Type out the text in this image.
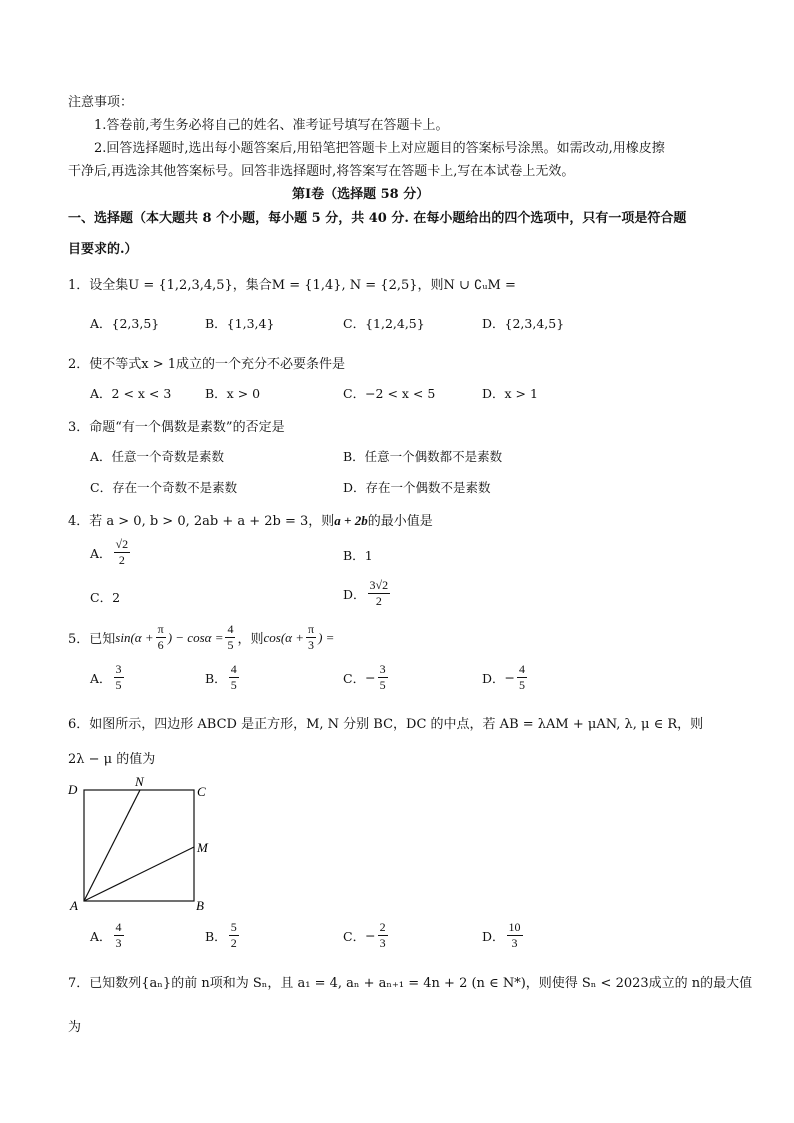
注意事项：
1.答卷前,考生务必将自己的姓名、准考证号填写在答题卡上。
2.回答选择题时,选出每小题答案后,用铅笔把答题卡上对应题目的答案标号涂黑。如需改动,用橡皮擦
干净后,再选涂其他答案标号。回答非选择题时,将答案写在答题卡上,写在本试卷上无效。
第Ⅰ卷（选择题 58 分）
一、选择题（本大题共 8 个小题，每小题 5 分，共 40 分. 在每小题给出的四个选项中，只有一项是符合题
目要求的.）
1．设全集U = {1,2,3,4,5}，集合M = {1,4}, N = {2,5}，则N ∪ ∁ᵤM =
A．{2,3,5}	B．{1,3,4}	C．{1,2,4,5}	D．{2,3,4,5}
2．使不等式x > 1成立的一个充分不必要条件是
A．2 < x < 3	B．x > 0	C．−2 < x < 5	D．x > 1
3．命题“有一个偶数是素数”的否定是
A．任意一个奇数是素数	B．任意一个偶数都不是素数
C．存在一个奇数不是素数	D．存在一个偶数不是素数
4．若 a > 0, b > 0, 2ab + a + 2b = 3，则a + 2b的最小值是
A． $\frac{√2}{2}$	B． 1
C． 2	D． $\frac{3√2}{2}$
5．已知 $\sin(\alpha + \frac{\pi}{6}$ ) − $\cos\alpha = \frac{4}{5}$ ，则 $\cos(\alpha + \frac{\pi}{3}$ ) =
A． $\frac{3}{5}$	B． $\frac{4}{5}$	C． − $\frac{3}{5}$	D． − $\frac{4}{5}$
6．如图所示，四边形 ABCD 是正方形，M, N 分别 BC，DC 的中点，若 AB = λAM + μAN, λ, μ ∈ R，则
2λ − μ 的值为
D
N
C
M
A	B
A． $\frac{4}{3}$	B． $\frac{5}{2}$	C． − $\frac{2}{3}$	D． $\frac{10}{3}$
7．已知数列{aₙ}的前 n项和为 Sₙ，且 a₁ = 4, aₙ + aₙ₊₁ = 4n + 2 (n ∈ N*)，则使得 Sₙ < 2023成立的 n的最大值
为
